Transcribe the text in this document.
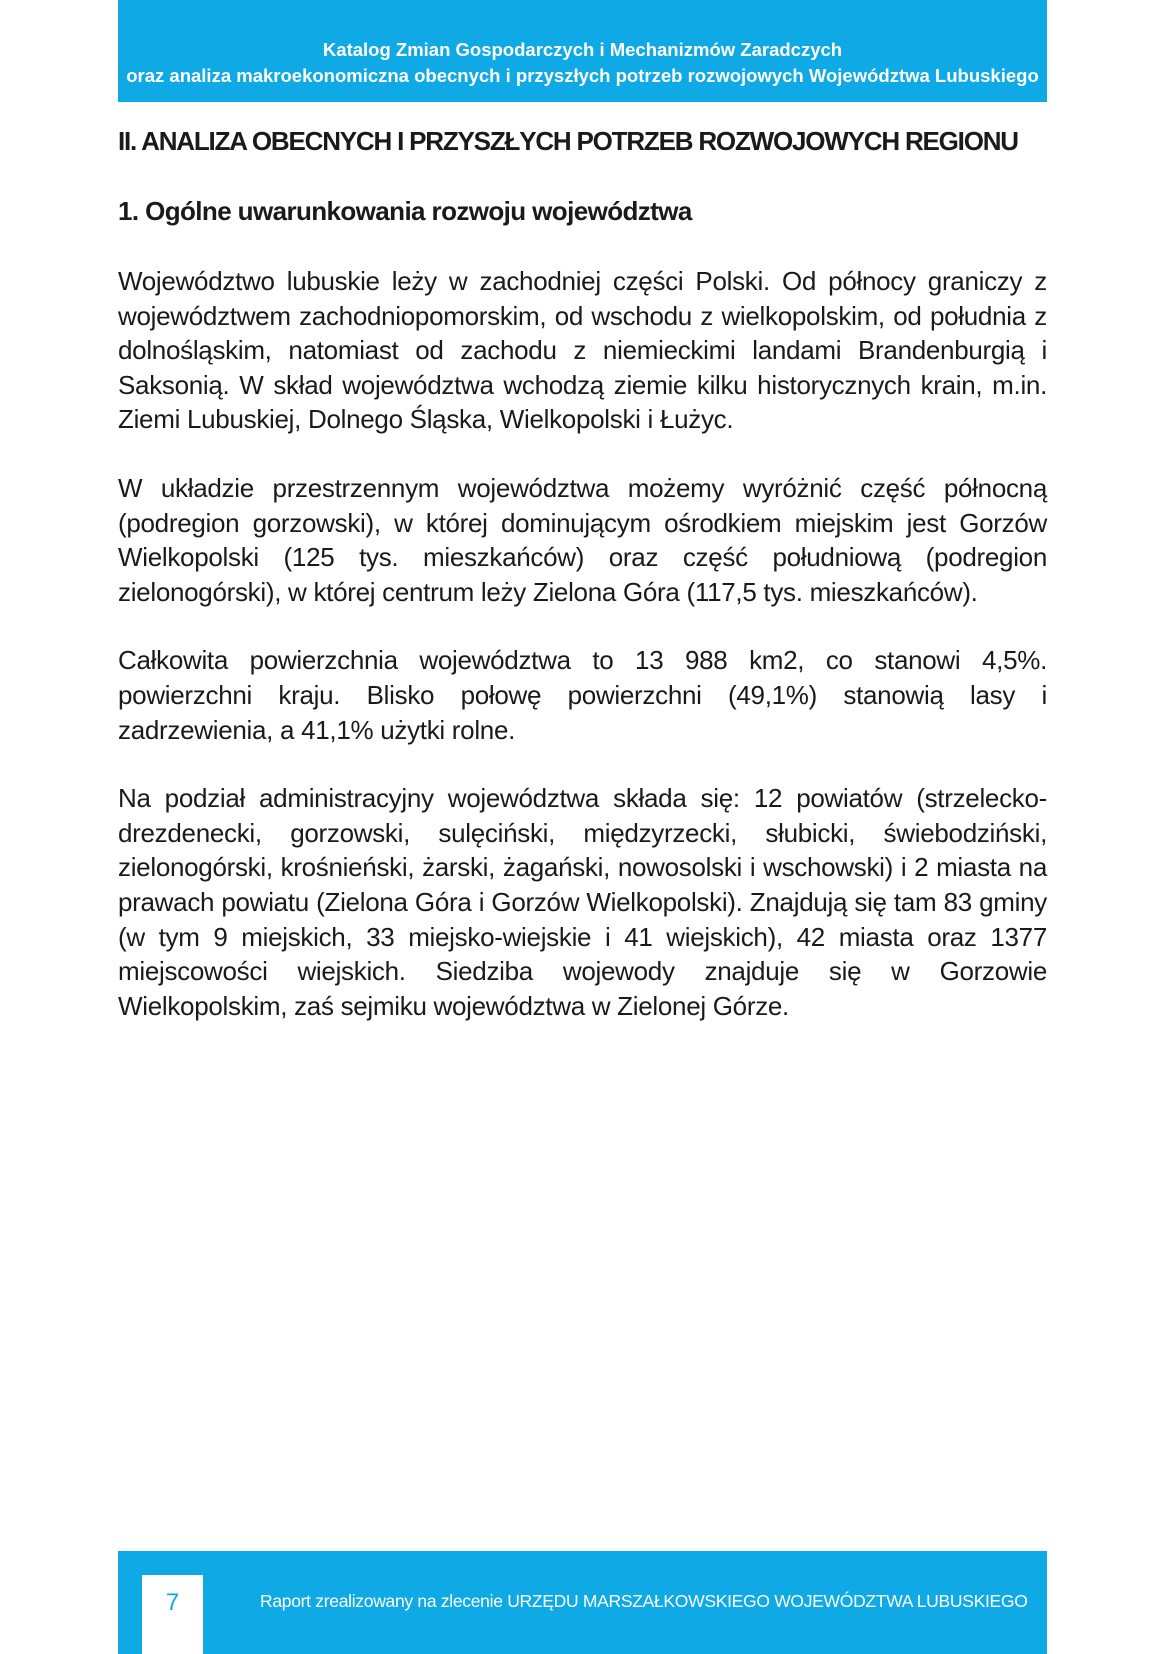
Katalog Zmian Gospodarczych i Mechanizmów Zaradczych
oraz analiza makroekonomiczna obecnych i przyszłych potrzeb rozwojowych Województwa Lubuskiego
II. ANALIZA OBECNYCH I PRZYSZŁYCH POTRZEB ROZWOJOWYCH REGIONU
1. Ogólne uwarunkowania rozwoju województwa

Województwo lubuskie leży w zachodniej części Polski. Od północy graniczy z województwem zachodniopomorskim, od wschodu z wielkopolskim, od południa z dolnośląskim, natomiast od zachodu z niemieckimi landami Brandenburgią i Saksonią. W skład województwa wchodzą ziemie kilku historycznych krain, m.in. Ziemi Lubuskiej, Dolnego Śląska, Wielkopolski i Łużyc.

W układzie przestrzennym województwa możemy wyróżnić część północną (podregion gorzowski), w której dominującym ośrodkiem miejskim jest Gorzów Wielkopolski (125 tys. mieszkańców) oraz część południową (podregion zielonogórski), w której centrum leży Zielona Góra (117,5 tys. mieszkańców).

Całkowita powierzchnia województwa to 13 988 km2, co stanowi 4,5%. powierzchni kraju. Blisko połowę powierzchni (49,1%) stanowią lasy i zadrzewienia, a 41,1% użytki rolne.

Na podział administracyjny województwa składa się: 12 powiatów (strzelecko-drezdenecki, gorzowski, sulęciński, międzyrzecki, słubicki, świebodziński, zielonogórski, krośnieński, żarski, żagański, nowosolski i wschowski) i 2 miasta na prawach powiatu (Zielona Góra i Gorzów Wielkopolski). Znajdują się tam 83 gminy (w tym 9 miejskich, 33 miejsko-wiejskie i 41 wiejskich), 42 miasta oraz 1377 miejscowości wiejskich. Siedziba wojewody znajduje się w Gorzowie Wielkopolskim, zaś sejmiku województwa w Zielonej Górze.

7	Raport zrealizowany na zlecenie URZĘDU MARSZAŁKOWSKIEGO WOJEWÓDZTWA LUBUSKIEGO
